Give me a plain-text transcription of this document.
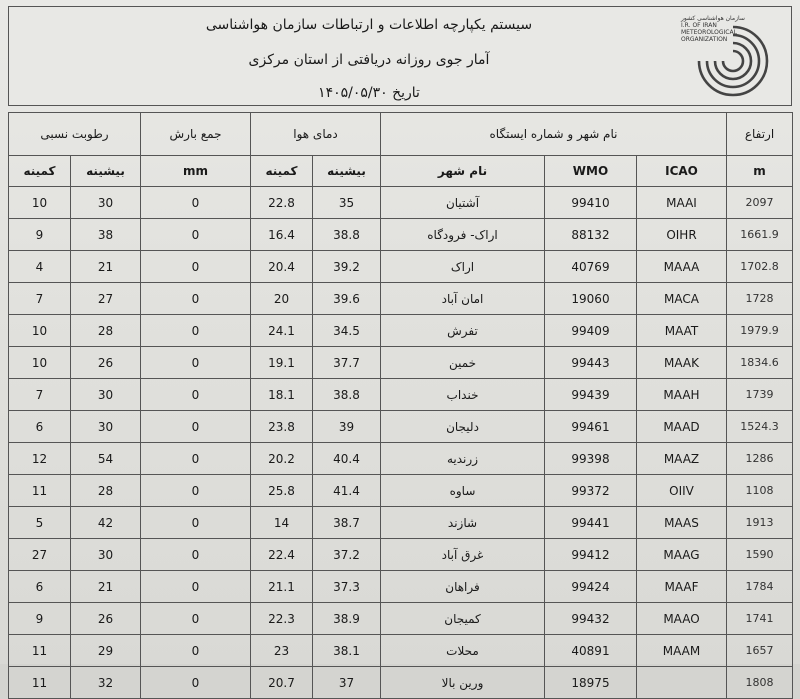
سیستم یکپارچه اطلاعات و ارتباطات سازمان هواشناسی
آمار جوی روزانه دریافتی از استان مرکزی
تاریخ ۱۴۰۵/۰۵/۳۰
سازمان هواشناسی کشور
I.R. OF IRAN
METEOROLOGICAL
ORGANIZATION
رطوبت نسبی		جمع بارش	دمای هوا		نام شهر و شماره ایستگاه			ارتفاع
کمینه	بیشینه	mm	کمینه	بیشینه	نام شهر	WMO	ICAO	m
10	30	0	22.8	35	آشتیان	99410	MAAI	2097
9	38	0	16.4	38.8	اراک- فرودگاه	88132	OIHR	1661.9
4	21	0	20.4	39.2	اراک	40769	MAAA	1702.8
7	27	0	20	39.6	امان آباد	19060	MACA	1728
10	28	0	24.1	34.5	تفرش	99409	MAAT	1979.9
10	26	0	19.1	37.7	خمین	99443	MAAK	1834.6
7	30	0	18.1	38.8	خنداب	99439	MAAH	1739
6	30	0	23.8	39	دلیجان	99461	MAAD	1524.3
12	54	0	20.2	40.4	زرندیه	99398	MAAZ	1286
11	28	0	25.8	41.4	ساوه	99372	OIIV	1108
5	42	0	14	38.7	شازند	99441	MAAS	1913
27	30	0	22.4	37.2	غرق آباد	99412	MAAG	1590
6	21	0	21.1	37.3	فراهان	99424	MAAF	1784
9	26	0	22.3	38.9	کمیجان	99432	MAAO	1741
11	29	0	23	38.1	محلات	40891	MAAM	1657
11	32	0	20.7	37	ورین بالا	18975		1808
